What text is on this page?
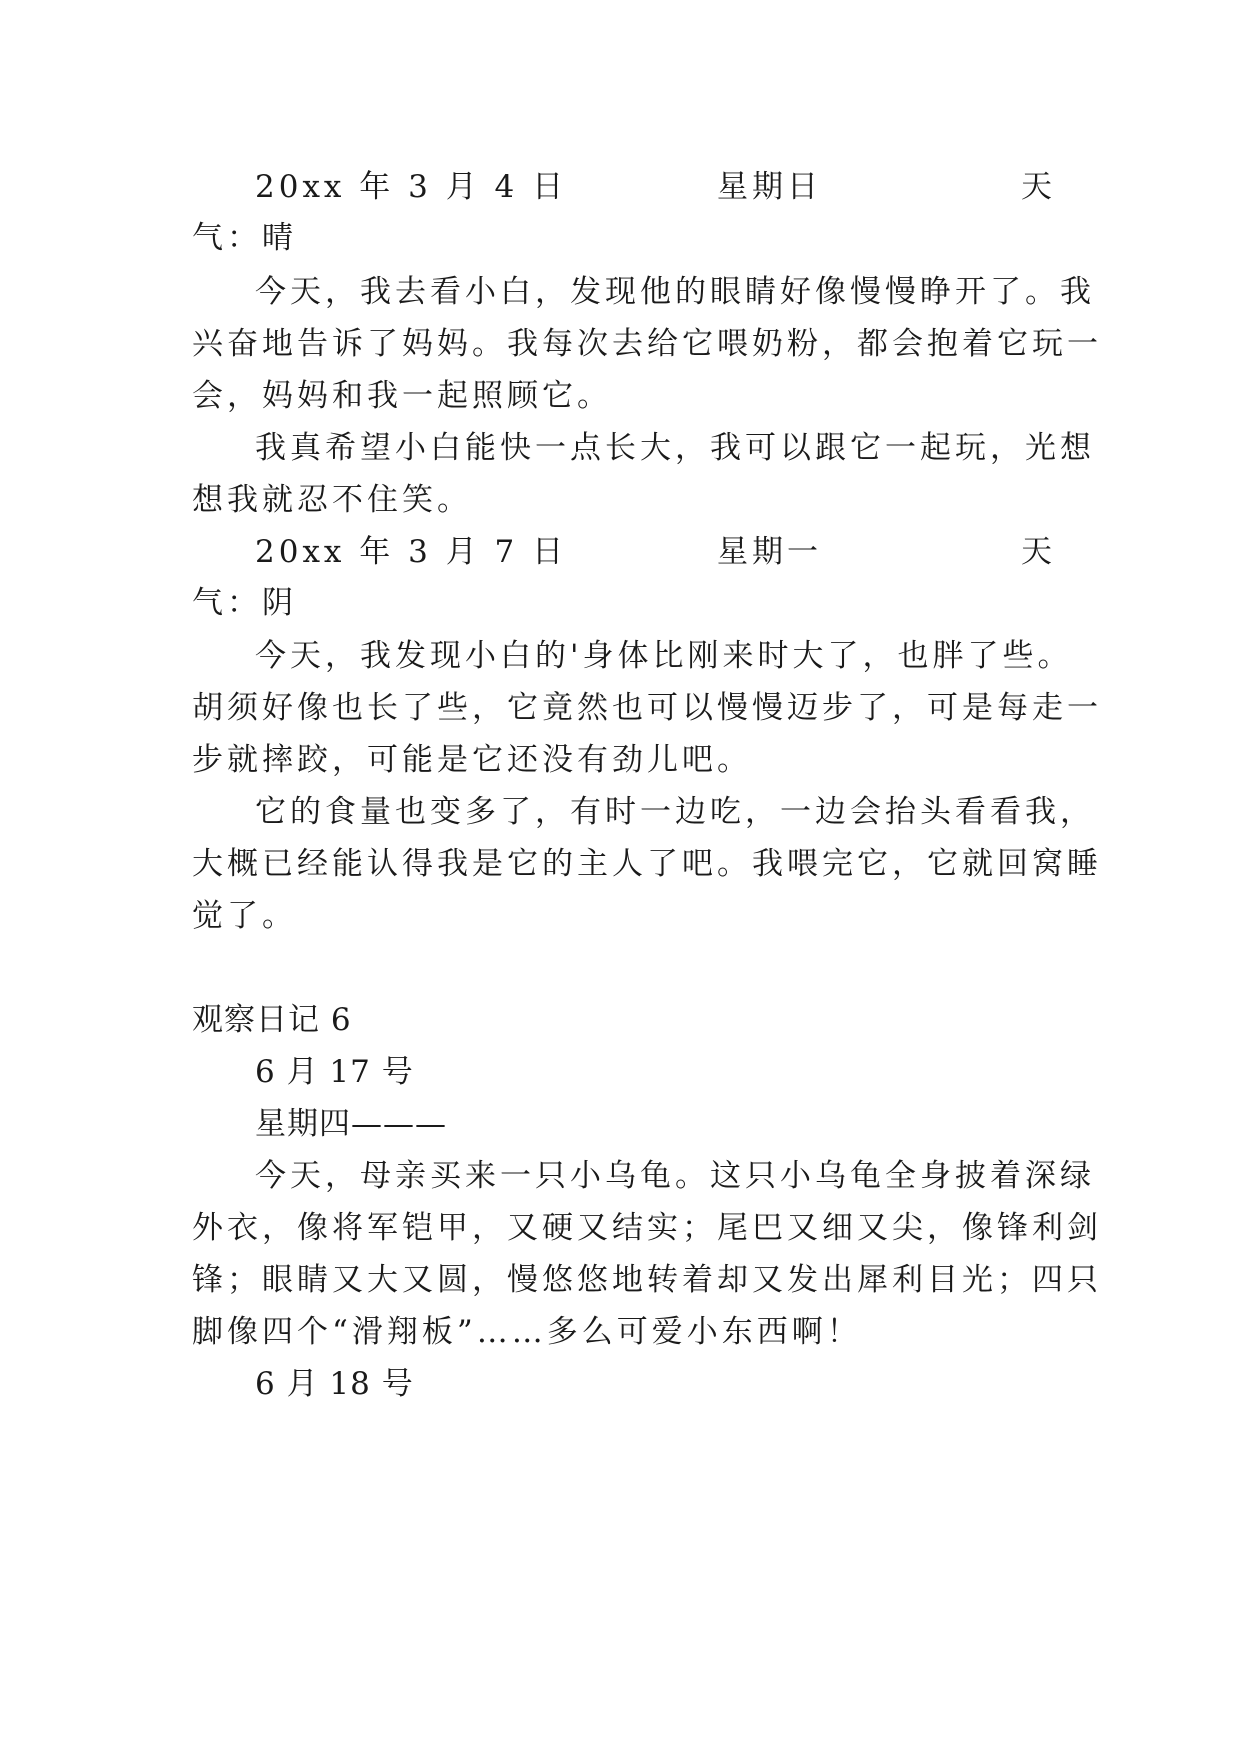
20xx 年 3 月 4 日	星期日	天
气：晴
今天，我去看小白，发现他的眼睛好像慢慢睁开了。我
兴奋地告诉了妈妈。我每次去给它喂奶粉，都会抱着它玩一
会，妈妈和我一起照顾它。
我真希望小白能快一点长大，我可以跟它一起玩，光想
想我就忍不住笑。
20xx 年 3 月 7 日	星期一	天
气：阴
今天，我发现小白的'身体比刚来时大了，也胖了些。
胡须好像也长了些，它竟然也可以慢慢迈步了，可是每走一
步就摔跤，可能是它还没有劲儿吧。
它的食量也变多了，有时一边吃，一边会抬头看看我，
大概已经能认得我是它的主人了吧。我喂完它，它就回窝睡
觉了。
观察日记 6
6 月 17 号
星期四———
今天，母亲买来一只小乌龟。这只小乌龟全身披着深绿
外衣，像将军铠甲，又硬又结实；尾巴又细又尖，像锋利剑
锋；眼睛又大又圆，慢悠悠地转着却又发出犀利目光；四只
脚像四个“滑翔板”……多么可爱小东西啊！
6 月 18 号
